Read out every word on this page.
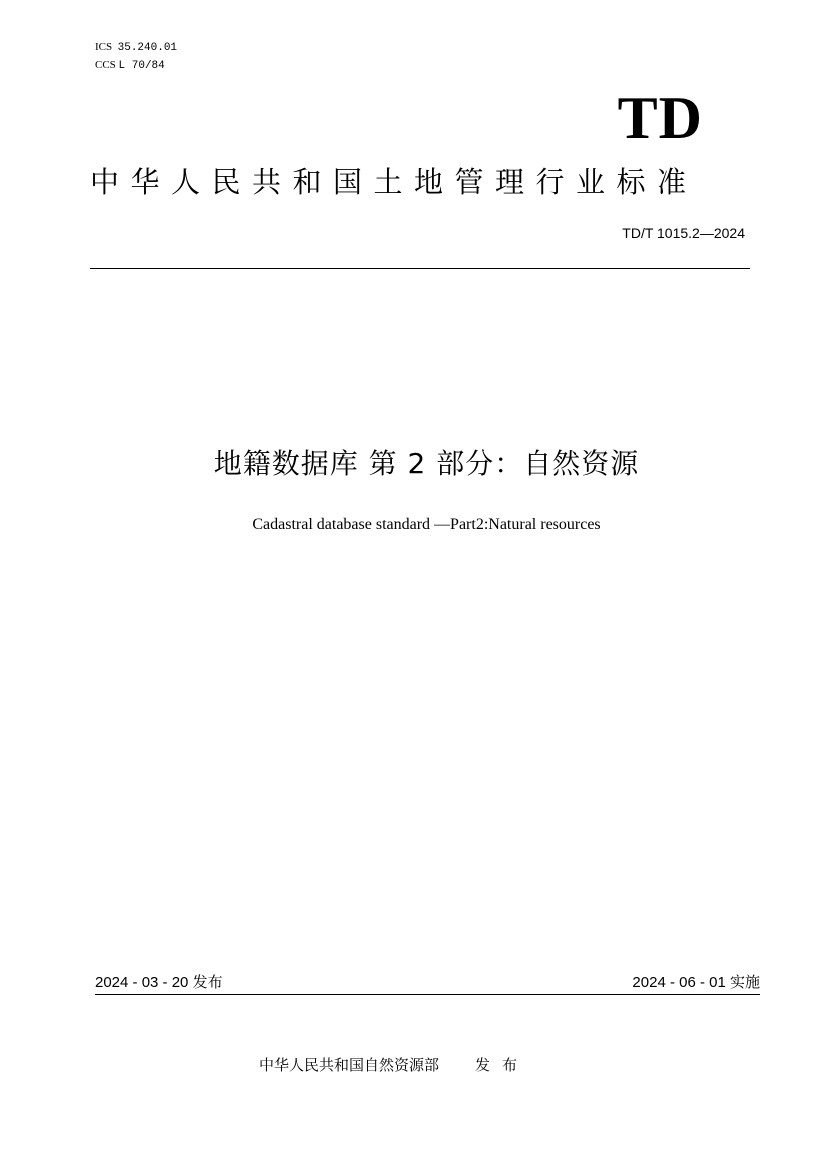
ICS 35.240.01
CCS L 70/84
TD
中华人民共和国土地管理行业标准
TD/T 1015.2—2024
地籍数据库 第 2 部分：自然资源
Cadastral database standard —Part2:Natural resources
2024 - 03 - 20 发布	2024 - 06 - 01 实施
中华人民共和国自然资源部 发布
